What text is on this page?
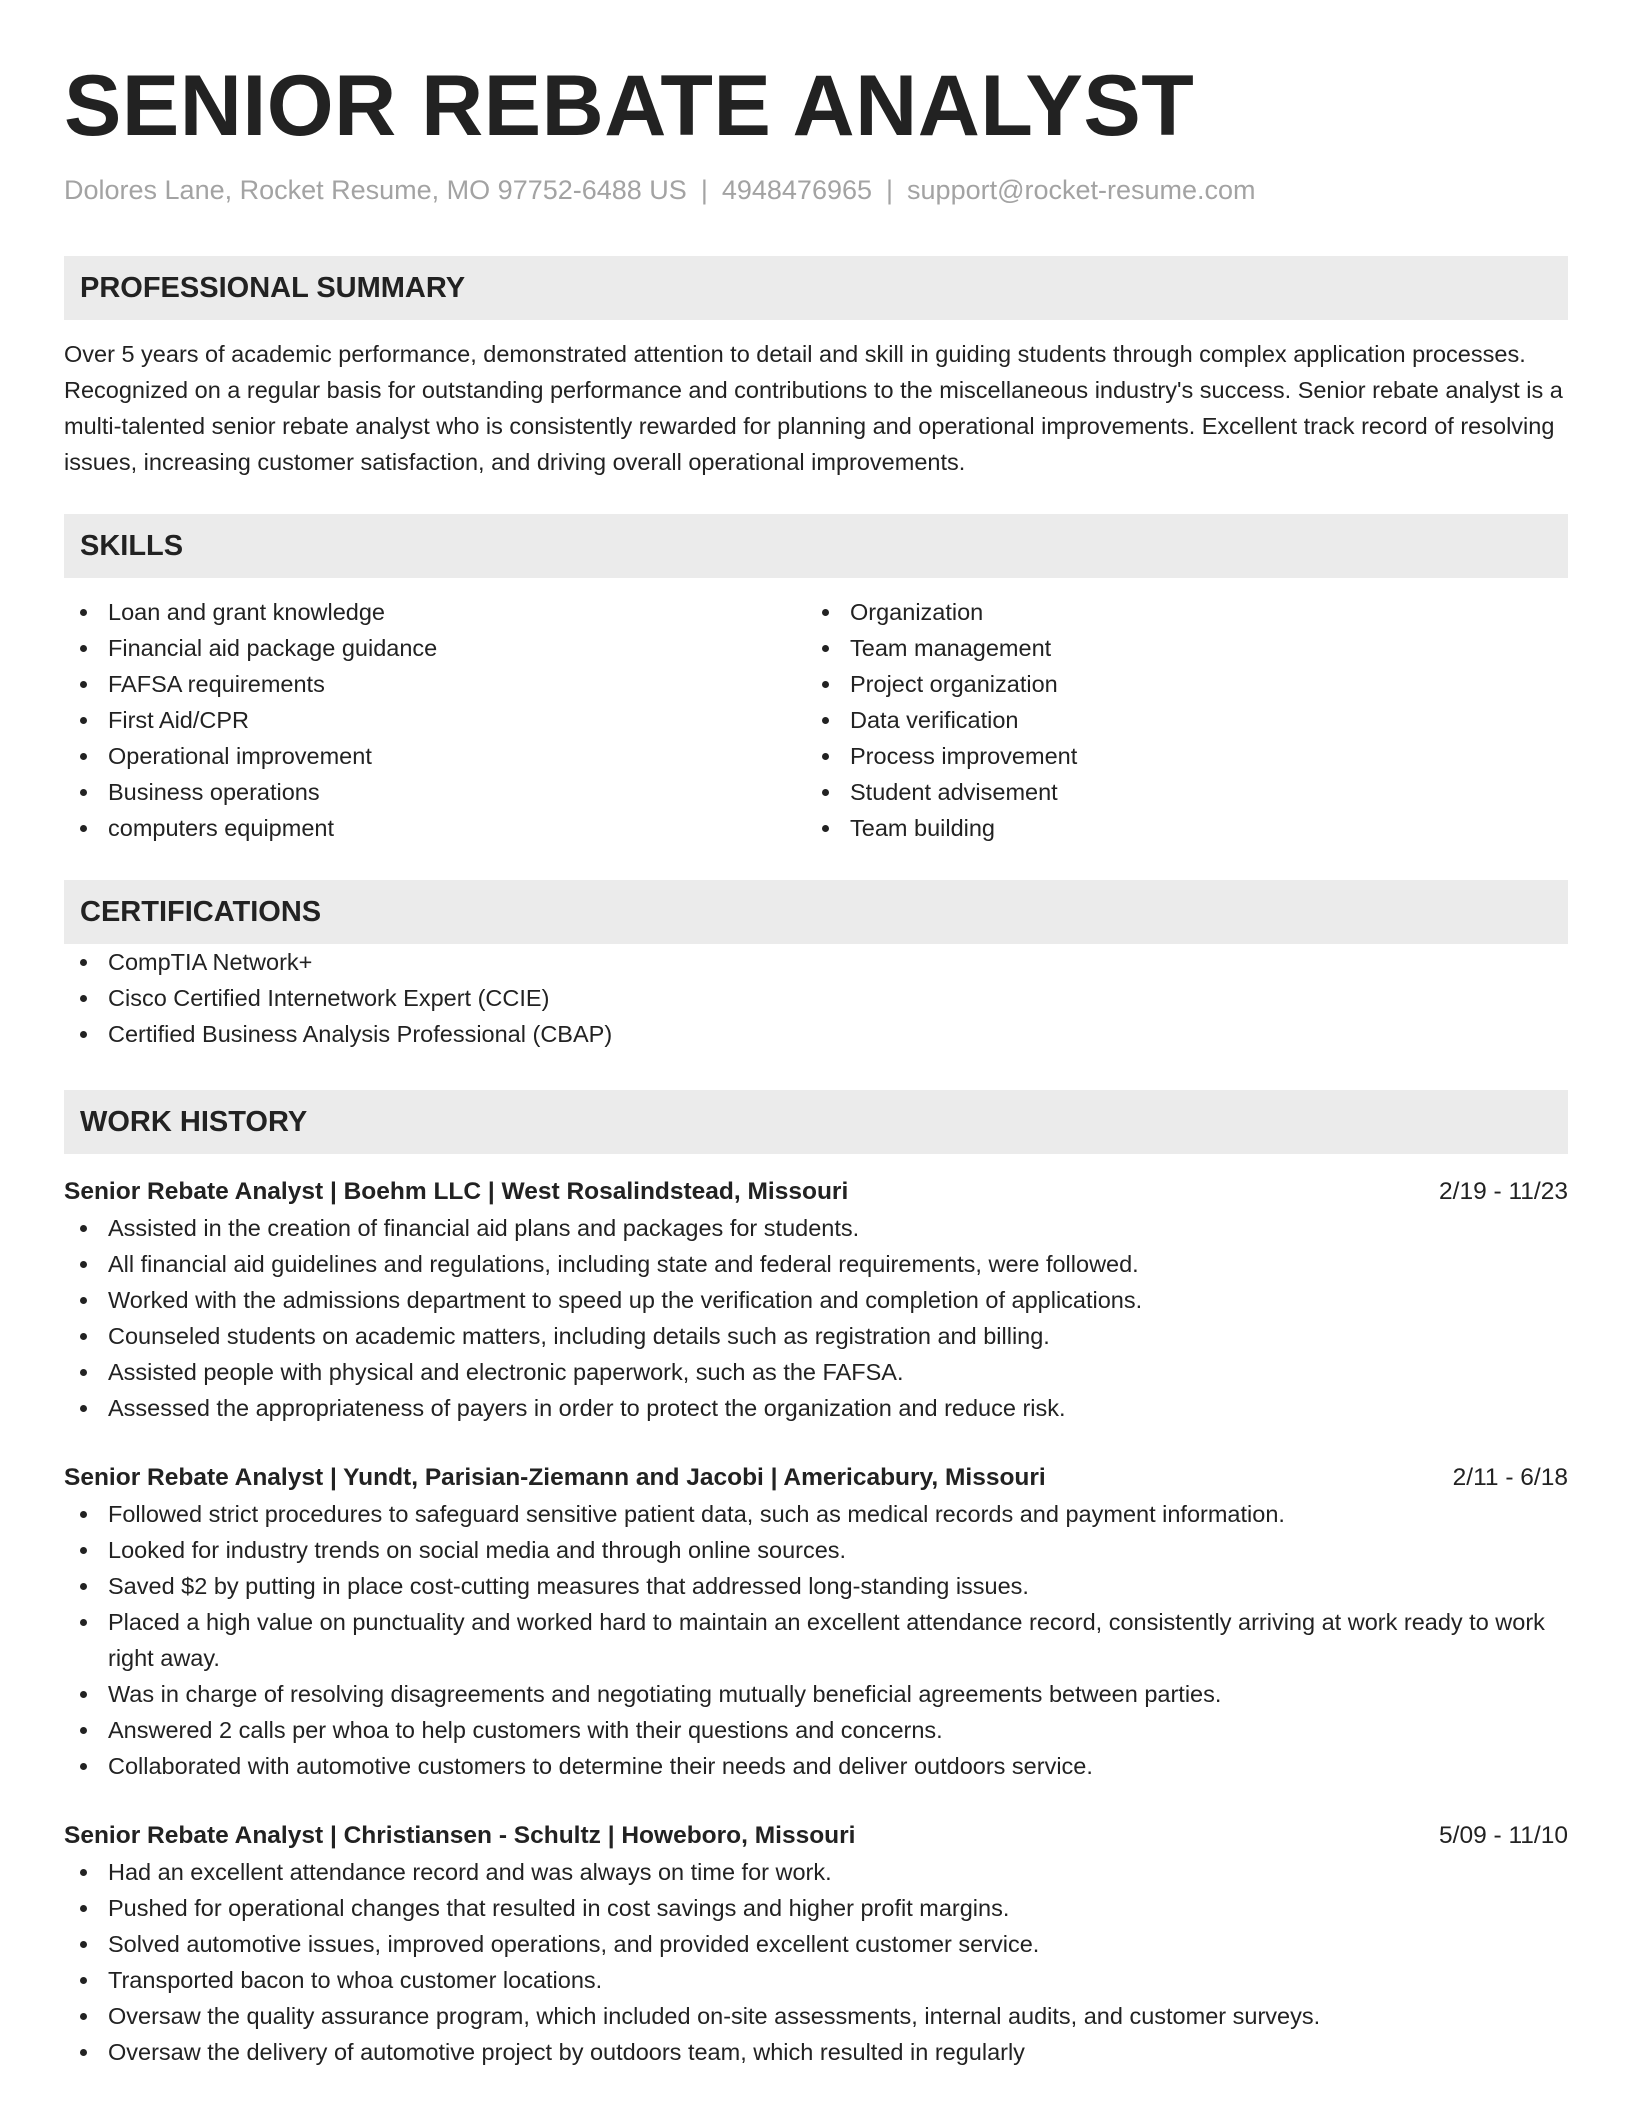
SENIOR REBATE ANALYST
Dolores Lane, Rocket Resume, MO 97752-6488 US | 4948476965 | support@rocket-resume.com
PROFESSIONAL SUMMARY
Over 5 years of academic performance, demonstrated attention to detail and skill in guiding students through complex application processes. Recognized on a regular basis for outstanding performance and contributions to the miscellaneous industry's success. Senior rebate analyst is a multi-talented senior rebate analyst who is consistently rewarded for planning and operational improvements. Excellent track record of resolving issues, increasing customer satisfaction, and driving overall operational improvements.
SKILLS
Loan and grant knowledge
Financial aid package guidance
FAFSA requirements
First Aid/CPR
Operational improvement
Business operations
computers equipment
Organization
Team management
Project organization
Data verification
Process improvement
Student advisement
Team building
CERTIFICATIONS
CompTIA Network+
Cisco Certified Internetwork Expert (CCIE)
Certified Business Analysis Professional (CBAP)
WORK HISTORY
Senior Rebate Analyst | Boehm LLC | West Rosalindstead, Missouri	2/19 - 11/23
Assisted in the creation of financial aid plans and packages for students.
All financial aid guidelines and regulations, including state and federal requirements, were followed.
Worked with the admissions department to speed up the verification and completion of applications.
Counseled students on academic matters, including details such as registration and billing.
Assisted people with physical and electronic paperwork, such as the FAFSA.
Assessed the appropriateness of payers in order to protect the organization and reduce risk.
Senior Rebate Analyst | Yundt, Parisian-Ziemann and Jacobi | Americabury, Missouri	2/11 - 6/18
Followed strict procedures to safeguard sensitive patient data, such as medical records and payment information.
Looked for industry trends on social media and through online sources.
Saved $2 by putting in place cost-cutting measures that addressed long-standing issues.
Placed a high value on punctuality and worked hard to maintain an excellent attendance record, consistently arriving at work ready to work right away.
Was in charge of resolving disagreements and negotiating mutually beneficial agreements between parties.
Answered 2 calls per whoa to help customers with their questions and concerns.
Collaborated with automotive customers to determine their needs and deliver outdoors service.
Senior Rebate Analyst | Christiansen - Schultz | Howeboro, Missouri	5/09 - 11/10
Had an excellent attendance record and was always on time for work.
Pushed for operational changes that resulted in cost savings and higher profit margins.
Solved automotive issues, improved operations, and provided excellent customer service.
Transported bacon to whoa customer locations.
Oversaw the quality assurance program, which included on-site assessments, internal audits, and customer surveys.
Oversaw the delivery of automotive project by outdoors team, which resulted in regularly
